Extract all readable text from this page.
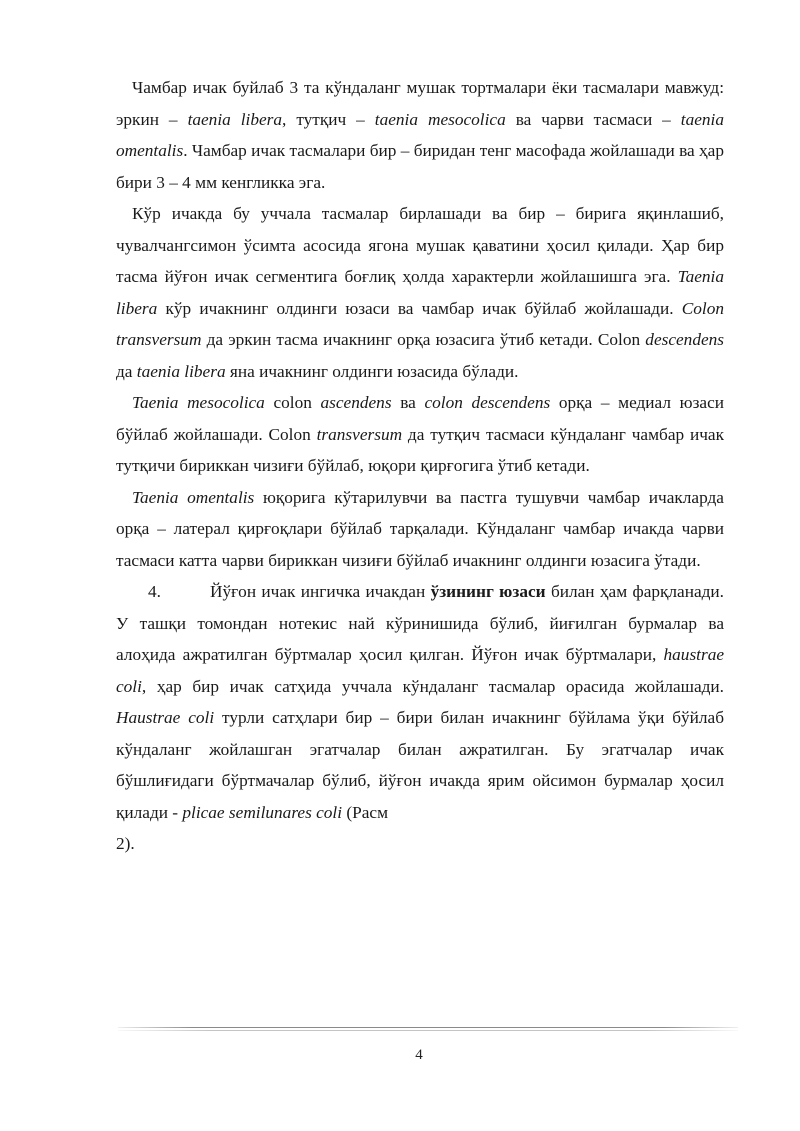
Чамбар ичак буйлаб 3 та кўндаланг мушак тортмалари ёки тасмалари мавжуд: эркин – taenia libera, тутқич – taenia mesocolica ва чарви тасмаси – taenia omentalis. Чамбар ичак тасмалари бир – биридан тенг масофада жойлашади ва ҳар бири 3 – 4 мм кенгликка эга.

Кўр ичакда бу уччала тасмалар бирлашади ва бир – бирига яқинлашиб, чувалчангсимон ўсимта асосида ягона мушак қаватини ҳосил қилади. Ҳар бир тасма йўғон ичак сегментига боғлиқ ҳолда характерли жойлашишга эга. Taenia libera кўр ичакнинг олдинги юзаси ва чамбар ичак бўйлаб жойлашади. Colon transversum да эркин тасма ичакнинг орқа юзасига ўтиб кетади. Colon descendens да taenia libera яна ичакнинг олдинги юзасида бўлади.

Taenia mesocolica colon ascendens ва colon descendens орқа – медиал юзаси бўйлаб жойлашади. Colon transversum да тутқич тасмаси кўндаланг чамбар ичак тутқичи бириккан чизиғи бўйлаб, юқори қирғогига ўтиб кетади.

Taenia omentalis юқорига кўтарилувчи ва пастга тушувчи чамбар ичакларда орқа – латерал қирғоқлари бўйлаб тарқалади. Кўндаланг чамбар ичакда чарви тасмаси катта чарви бириккан чизиғи бўйлаб ичакнинг олдинги юзасига ўтади.

4.	Йўғон ичак ингичка ичакдан ўзининг юзаси билан ҳам фарқланади. У ташқи томондан нотекис най кўринишида бўлиб, йиғилган бурмалар ва алоҳида ажратилган бўртмалар ҳосил қилган. Йўғон ичак бўртмалари, haustrae coli, ҳар бир ичак сатҳида уччала кўндаланг тасмалар орасида жойлашади. Haustrae coli турли сатҳлари бир – бири билан ичакнинг бўйлама ўқи бўйлаб кўндаланг жойлашган эгатчалар билан ажратилган. Бу эгатчалар ичак бўшлиғидаги бўртмачалар бўлиб, йўғон ичакда ярим ойсимон бурмалар ҳосил қилади - plicae semilunares coli (Расм
2).

4
